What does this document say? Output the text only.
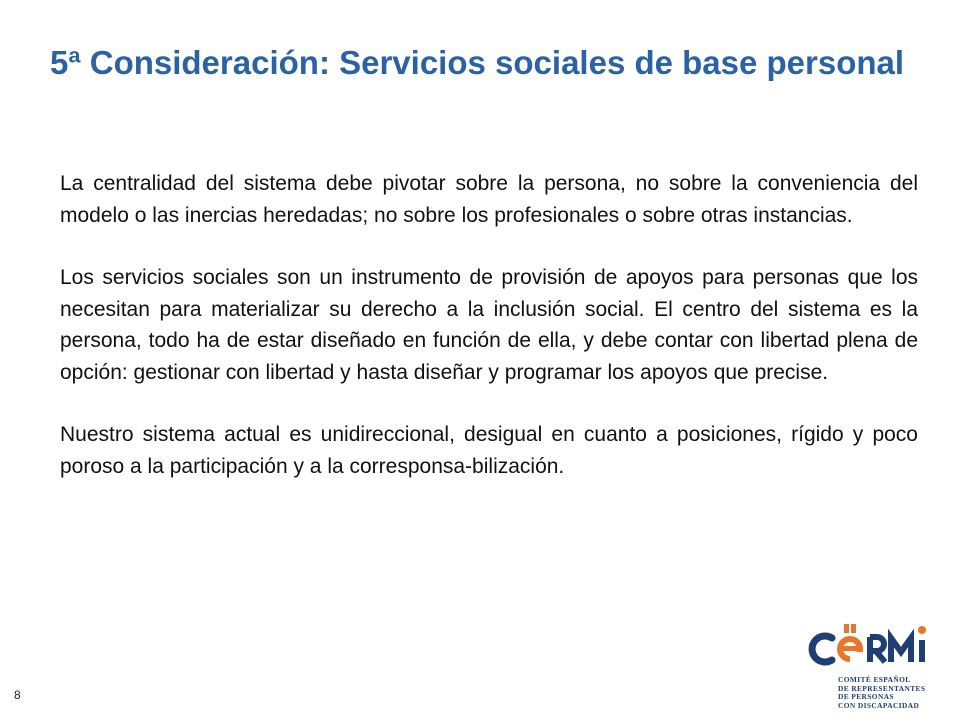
5ª Consideración: Servicios sociales de base personal

La centralidad del sistema debe pivotar sobre la persona, no sobre la conveniencia del modelo o las inercias heredadas; no sobre los profesionales o sobre otras instancias.

Los servicios sociales son un instrumento de provisión de apoyos para personas que los necesitan para materializar su derecho a la inclusión social. El centro del sistema es la persona, todo ha de estar diseñado en función de ella, y debe contar con libertad plena de opción: gestionar con libertad y hasta diseñar y programar los apoyos que precise.

Nuestro sistema actual es unidireccional, desigual en cuanto a posiciones, rígido y poco poroso a la participación y a la corresponsa-bilización.

8
COMITÉ ESPAÑOL
DE REPRESENTANTES
DE PERSONAS
CON DISCAPACIDAD
